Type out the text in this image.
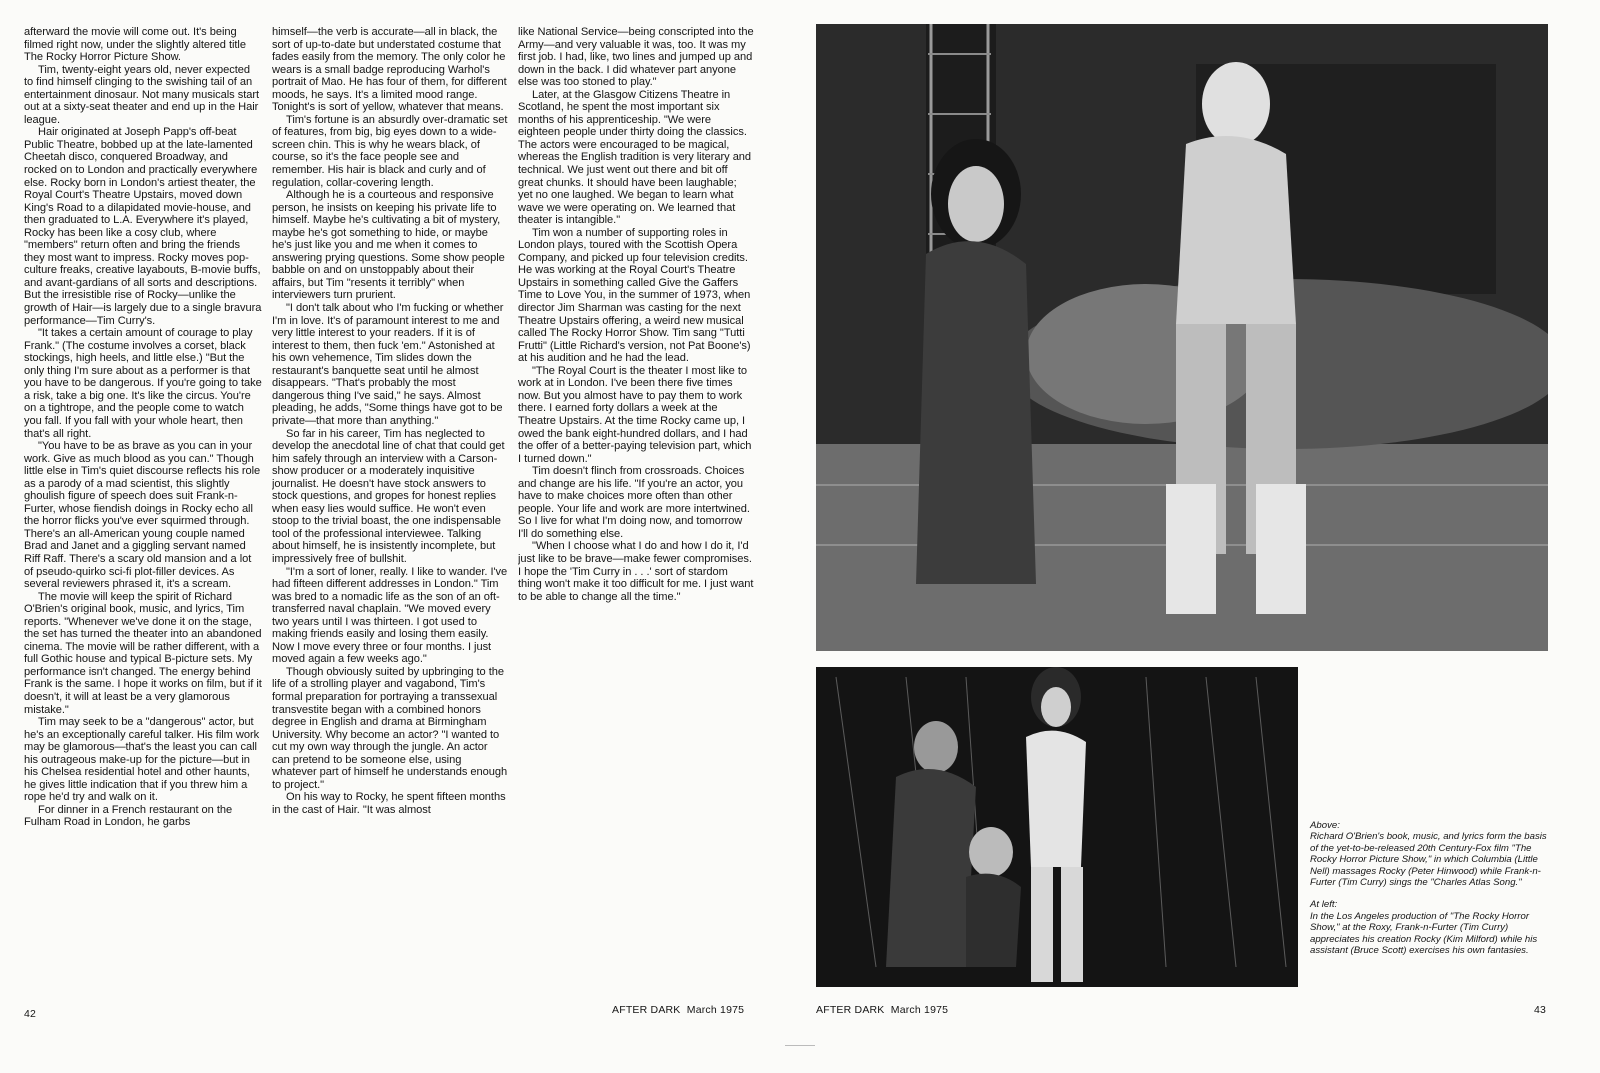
afterward the movie will come out. It's being filmed right now, under the slightly altered title The Rocky Horror Picture Show.

Tim, twenty-eight years old, never expected to find himself clinging to the swishing tail of an entertainment dinosaur. Not many musicals start out at a sixty-seat theater and end up in the Hair league.

Hair originated at Joseph Papp's off-beat Public Theatre, bobbed up at the late-lamented Cheetah disco, conquered Broadway, and rocked on to London and practically everywhere else. Rocky born in London's artiest theater, the Royal Court's Theatre Upstairs, moved down King's Road to a dilapidated movie-house, and then graduated to L.A. Everywhere it's played, Rocky has been like a cosy club, where "members" return often and bring the friends they most want to impress. Rocky moves pop-culture freaks, creative layabouts, B-movie buffs, and avant-gardians of all sorts and descriptions. But the irresistible rise of Rocky—unlike the growth of Hair—is largely due to a single bravura performance—Tim Curry's.

"It takes a certain amount of courage to play Frank." (The costume involves a corset, black stockings, high heels, and little else.) "But the only thing I'm sure about as a performer is that you have to be dangerous. If you're going to take a risk, take a big one. It's like the circus. You're on a tightrope, and the people come to watch you fall. If you fall with your whole heart, then that's all right.

"You have to be as brave as you can in your work. Give as much blood as you can." Though little else in Tim's quiet discourse reflects his role as a parody of a mad scientist, this slightly ghoulish figure of speech does suit Frank-n-Furter, whose fiendish doings in Rocky echo all the horror flicks you've ever squirmed through. There's an all-American young couple named Brad and Janet and a giggling servant named Riff Raff. There's a scary old mansion and a lot of pseudo-quirko sci-fi plot-filler devices. As several reviewers phrased it, it's a scream.

The movie will keep the spirit of Richard O'Brien's original book, music, and lyrics, Tim reports. "Whenever we've done it on the stage, the set has turned the theater into an abandoned cinema. The movie will be rather different, with a full Gothic house and typical B-picture sets. My performance isn't changed. The energy behind Frank is the same. I hope it works on film, but if it doesn't, it will at least be a very glamorous mistake."

Tim may seek to be a "dangerous" actor, but he's an exceptionally careful talker. His film work may be glamorous—that's the least you can call his outrageous make-up for the picture—but in his Chelsea residential hotel and other haunts, he gives little indication that if you threw him a rope he'd try and walk on it.

For dinner in a French restaurant on the Fulham Road in London, he garbs

himself—the verb is accurate—all in black, the sort of up-to-date but understated costume that fades easily from the memory. The only color he wears is a small badge reproducing Warhol's portrait of Mao. He has four of them, for different moods, he says. It's a limited mood range. Tonight's is sort of yellow, whatever that means.

Tim's fortune is an absurdly over-dramatic set of features, from big, big eyes down to a wide-screen chin. This is why he wears black, of course, so it's the face people see and remember. His hair is black and curly and of regulation, collar-covering length.

Although he is a courteous and responsive person, he insists on keeping his private life to himself. Maybe he's cultivating a bit of mystery, maybe he's got something to hide, or maybe he's just like you and me when it comes to answering prying questions. Some show people babble on and on unstoppably about their affairs, but Tim "resents it terribly" when interviewers turn prurient.

"I don't talk about who I'm fucking or whether I'm in love. It's of paramount interest to me and very little interest to your readers. If it is of interest to them, then fuck 'em." Astonished at his own vehemence, Tim slides down the restaurant's banquette seat until he almost disappears. "That's probably the most dangerous thing I've said," he says. Almost pleading, he adds, "Some things have got to be private—that more than anything."

So far in his career, Tim has neglected to develop the anecdotal line of chat that could get him safely through an interview with a Carson-show producer or a moderately inquisitive journalist. He doesn't have stock answers to stock questions, and gropes for honest replies when easy lies would suffice. He won't even stoop to the trivial boast, the one indispensable tool of the professional interviewee. Talking about himself, he is insistently incomplete, but impressively free of bullshit.

"I'm a sort of loner, really. I like to wander. I've had fifteen different addresses in London." Tim was bred to a nomadic life as the son of an oft-transferred naval chaplain. "We moved every two years until I was thirteen. I got used to making friends easily and losing them easily. Now I move every three or four months. I just moved again a few weeks ago."

Though obviously suited by upbringing to the life of a strolling player and vagabond, Tim's formal preparation for portraying a transsexual transvestite began with a combined honors degree in English and drama at Birmingham University. Why become an actor? "I wanted to cut my own way through the jungle. An actor can pretend to be someone else, using whatever part of himself he understands enough to project."

On his way to Rocky, he spent fifteen months in the cast of Hair. "It was almost

like National Service—being conscripted into the Army—and very valuable it was, too. It was my first job. I had, like, two lines and jumped up and down in the back. I did whatever part anyone else was too stoned to play."

Later, at the Glasgow Citizens Theatre in Scotland, he spent the most important six months of his apprenticeship. "We were eighteen people under thirty doing the classics. The actors were encouraged to be magical, whereas the English tradition is very literary and technical. We just went out there and bit off great chunks. It should have been laughable; yet no one laughed. We began to learn what wave we were operating on. We learned that theater is intangible."

Tim won a number of supporting roles in London plays, toured with the Scottish Opera Company, and picked up four television credits. He was working at the Royal Court's Theatre Upstairs in something called Give the Gaffers Time to Love You, in the summer of 1973, when director Jim Sharman was casting for the next Theatre Upstairs offering, a weird new musical called The Rocky Horror Show. Tim sang "Tutti Frutti" (Little Richard's version, not Pat Boone's) at his audition and he had the lead.

"The Royal Court is the theater I most like to work at in London. I've been there five times now. But you almost have to pay them to work there. I earned forty dollars a week at the Theatre Upstairs. At the time Rocky came up, I owed the bank eight-hundred dollars, and I had the offer of a better-paying television part, which I turned down."

Tim doesn't flinch from crossroads. Choices and change are his life. "If you're an actor, you have to make choices more often than other people. Your life and work are more intertwined. So I live for what I'm doing now, and tomorrow I'll do something else.

"When I choose what I do and how I do it, I'd just like to be brave—make fewer compromises. I hope the 'Tim Curry in . . .' sort of stardom thing won't make it too difficult for me. I just want to be able to change all the time."

Above:

Richard O'Brien's book, music, and lyrics form the basis of the yet-to-be-released 20th Century-Fox film "The Rocky Horror Picture Show," in which Columbia (Little Nell) massages Rocky (Peter Hinwood) while Frank-n-Furter (Tim Curry) sings the "Charles Atlas Song."

At left:

In the Los Angeles production of "The Rocky Horror Show," at the Roxy, Frank-n-Furter (Tim Curry) appreciates his creation Rocky (Kim Milford) while his assistant (Bruce Scott) exercises his own fantasies.

42	AFTER DARK  March 1975	AFTER DARK  March 1975	43
